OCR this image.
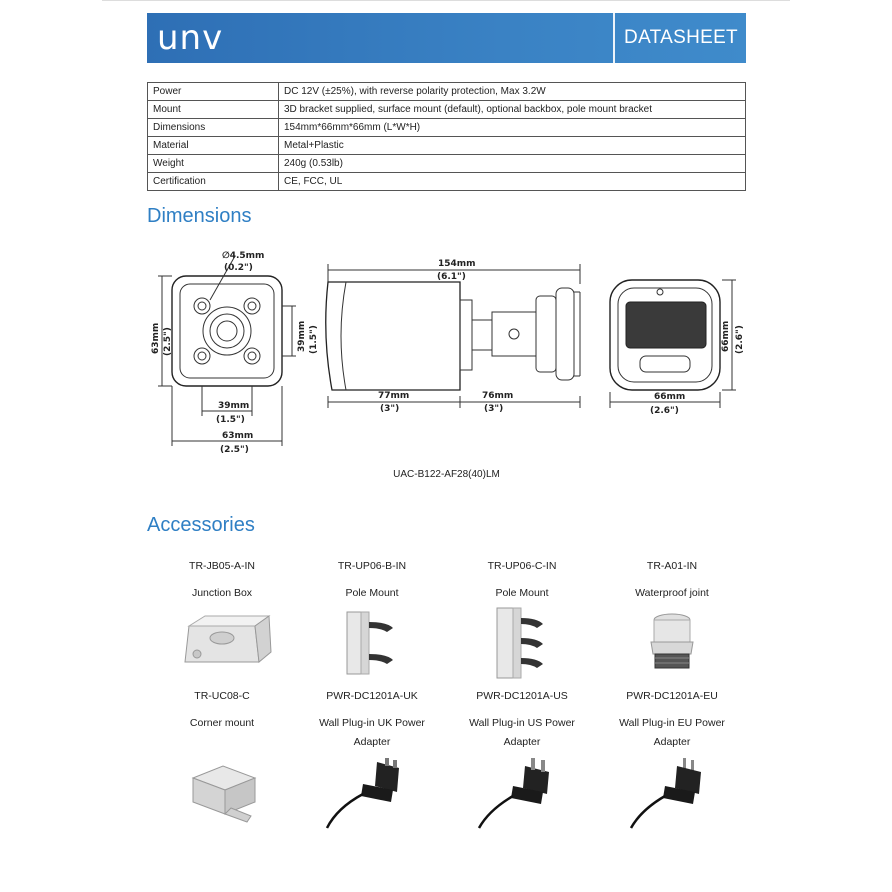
unv	DATASHEET
Power	DC 12V (±25%), with reverse polarity protection, Max 3.2W
Mount	3D bracket supplied, surface mount (default), optional backbox, pole mount bracket
Dimensions	154mm*66mm*66mm (L*W*H)
Material	Metal+Plastic
Weight	240g (0.53lb)
Certification	CE, FCC, UL
Dimensions
∅4.5mm
(0.2")
63mm (2.5")	39mm (1.5")
39mm
(1.5")
63mm
(2.5")
154mm
(6.1")
77mm
(3")
76mm
(3")
66mm (2.6")
66mm
(2.6")
UAC-B122-AF28(40)LM
Accessories
TR-JB05-A-IN
Junction Box
TR-UP06-B-IN
Pole Mount
TR-UP06-C-IN
Pole Mount
TR-A01-IN
Waterproof joint
TR-UC08-C
Corner mount
PWR-DC1201A-UK
Wall Plug-in UK Power
Adapter
PWR-DC1201A-US
Wall Plug-in US Power
Adapter
PWR-DC1201A-EU
Wall Plug-in EU Power
Adapter
